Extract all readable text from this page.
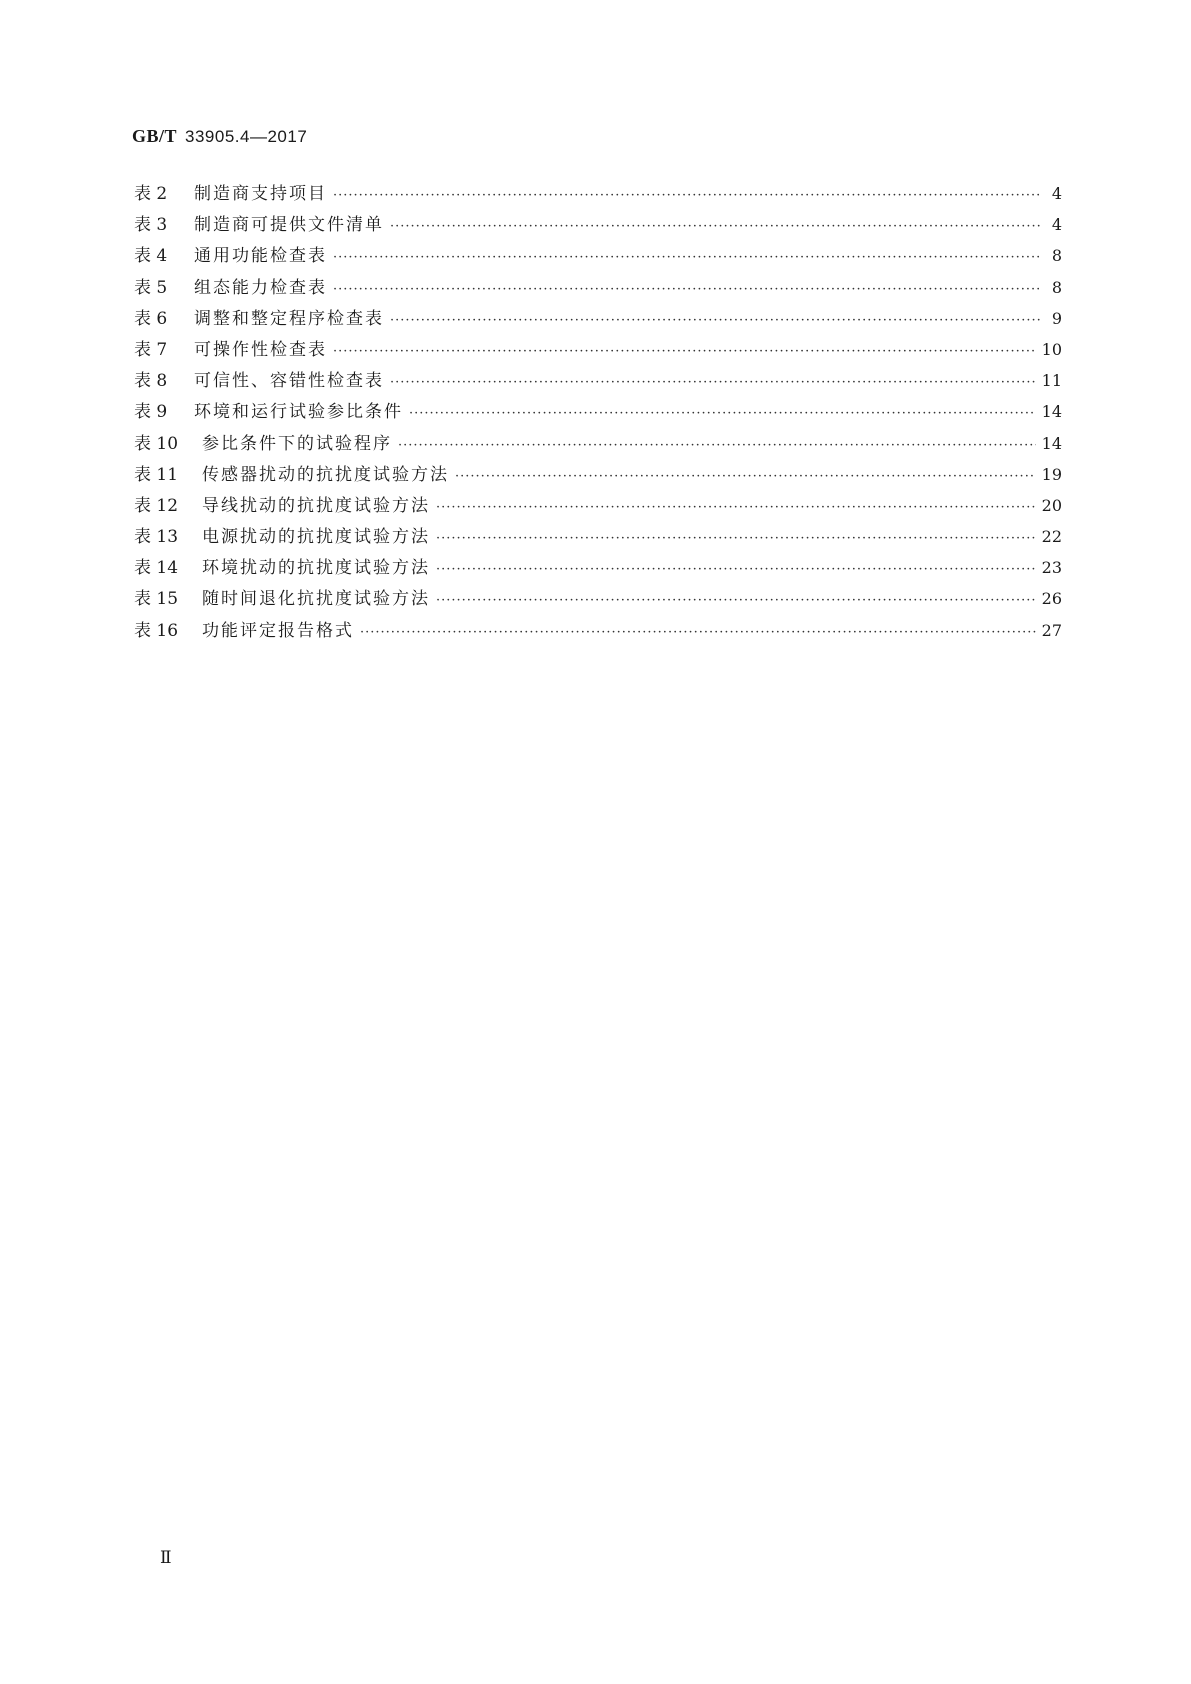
GB/T 33905.4—2017
表 2	制造商支持项目 ·····	4
表 3	制造商可提供文件清单 ·····	4
表 4	通用功能检查表 ·····	8
表 5	组态能力检查表 ·····	8
表 6	调整和整定程序检查表 ·····	9
表 7	可操作性检查表 ·····	10
表 8	可信性、容错性检查表 ·····	11
表 9	环境和运行试验参比条件 ·····	14
表 10	参比条件下的试验程序 ·····	14
表 11	传感器扰动的抗扰度试验方法 ·····	19
表 12	导线扰动的抗扰度试验方法 ·····	20
表 13	电源扰动的抗扰度试验方法 ·····	22
表 14	环境扰动的抗扰度试验方法 ·····	23
表 15	随时间退化抗扰度试验方法 ·····	26
表 16	功能评定报告格式 ·····	27
Ⅱ
